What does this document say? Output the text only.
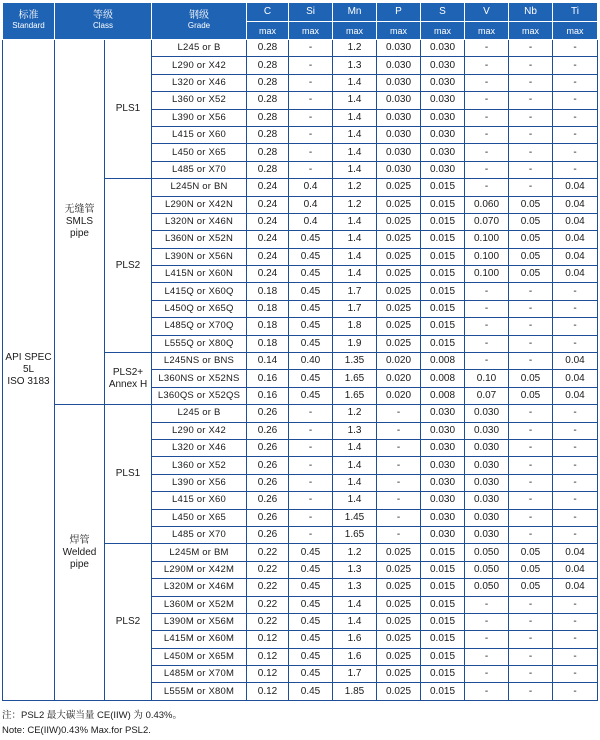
标准
Standard	等级
Class		钢级
Grade	C	Si	Mn	P	S	V	Nb	Ti
				max	max	max	max	max	max	max	max

API SPEC
5L
ISO 3183	无缝管
SMLS
pipe	PLS1	L245 or B	0.28	-	1.2	0.030	0.030	-	-	-
			L290 or X42	0.28	-	1.3	0.030	0.030	-	-	-
			L320 or X46	0.28	-	1.4	0.030	0.030	-	-	-
			L360 or X52	0.28	-	1.4	0.030	0.030	-	-	-
			L390 or X56	0.28	-	1.4	0.030	0.030	-	-	-
			L415 or X60	0.28	-	1.4	0.030	0.030	-	-	-
			L450 or X65	0.28	-	1.4	0.030	0.030	-	-	-
			L485 or X70	0.28	-	1.4	0.030	0.030	-	-	-

		PLS2	L245N or BN	0.24	0.4	1.2	0.025	0.015	-	-	0.04
			L290N or X42N	0.24	0.4	1.2	0.025	0.015	0.060	0.05	0.04
			L320N or X46N	0.24	0.4	1.4	0.025	0.015	0.070	0.05	0.04
			L360N or X52N	0.24	0.45	1.4	0.025	0.015	0.100	0.05	0.04
			L390N or X56N	0.24	0.45	1.4	0.025	0.015	0.100	0.05	0.04
			L415N or X60N	0.24	0.45	1.4	0.025	0.015	0.100	0.05	0.04
			L415Q or X60Q	0.18	0.45	1.7	0.025	0.015	-	-	-
			L450Q or X65Q	0.18	0.45	1.7	0.025	0.015	-	-	-
			L485Q or X70Q	0.18	0.45	1.8	0.025	0.015	-	-	-
			L555Q or X80Q	0.18	0.45	1.9	0.025	0.015	-	-	-

		PLS2+
Annex H	L245NS or BNS	0.14	0.40	1.35	0.020	0.008	-	-	0.04
			L360NS or X52NS	0.16	0.45	1.65	0.020	0.008	0.10	0.05	0.04
			L360QS or X52QS	0.16	0.45	1.65	0.020	0.008	0.07	0.05	0.04

	焊管
Welded
pipe	PLS1	L245 or B	0.26	-	1.2	-	0.030	0.030	-	-
			L290 or X42	0.26	-	1.3	-	0.030	0.030	-	-
			L320 or X46	0.26	-	1.4	-	0.030	0.030	-	-
			L360 or X52	0.26	-	1.4	-	0.030	0.030	-	-
			L390 or X56	0.26	-	1.4	-	0.030	0.030	-	-
			L415 or X60	0.26	-	1.4	-	0.030	0.030	-	-
			L450 or X65	0.26	-	1.45	-	0.030	0.030	-	-
			L485 or X70	0.26	-	1.65	-	0.030	0.030	-	-

		PLS2	L245M or BM	0.22	0.45	1.2	0.025	0.015	0.050	0.05	0.04
			L290M or X42M	0.22	0.45	1.3	0.025	0.015	0.050	0.05	0.04
			L320M or X46M	0.22	0.45	1.3	0.025	0.015	0.050	0.05	0.04
			L360M or X52M	0.22	0.45	1.4	0.025	0.015	-	-	-
			L390M or X56M	0.22	0.45	1.4	0.025	0.015	-	-	-
			L415M or X60M	0.12	0.45	1.6	0.025	0.015	-	-	-
			L450M or X65M	0.12	0.45	1.6	0.025	0.015	-	-	-
			L485M or X70M	0.12	0.45	1.7	0.025	0.015	-	-	-
			L555M or X80M	0.12	0.45	1.85	0.025	0.015	-	-	-
注：PSL2 最大碳当量 CE(IIW) 为 0.43%。
Note: CE(IIW)0.43% Max.for PSL2.
